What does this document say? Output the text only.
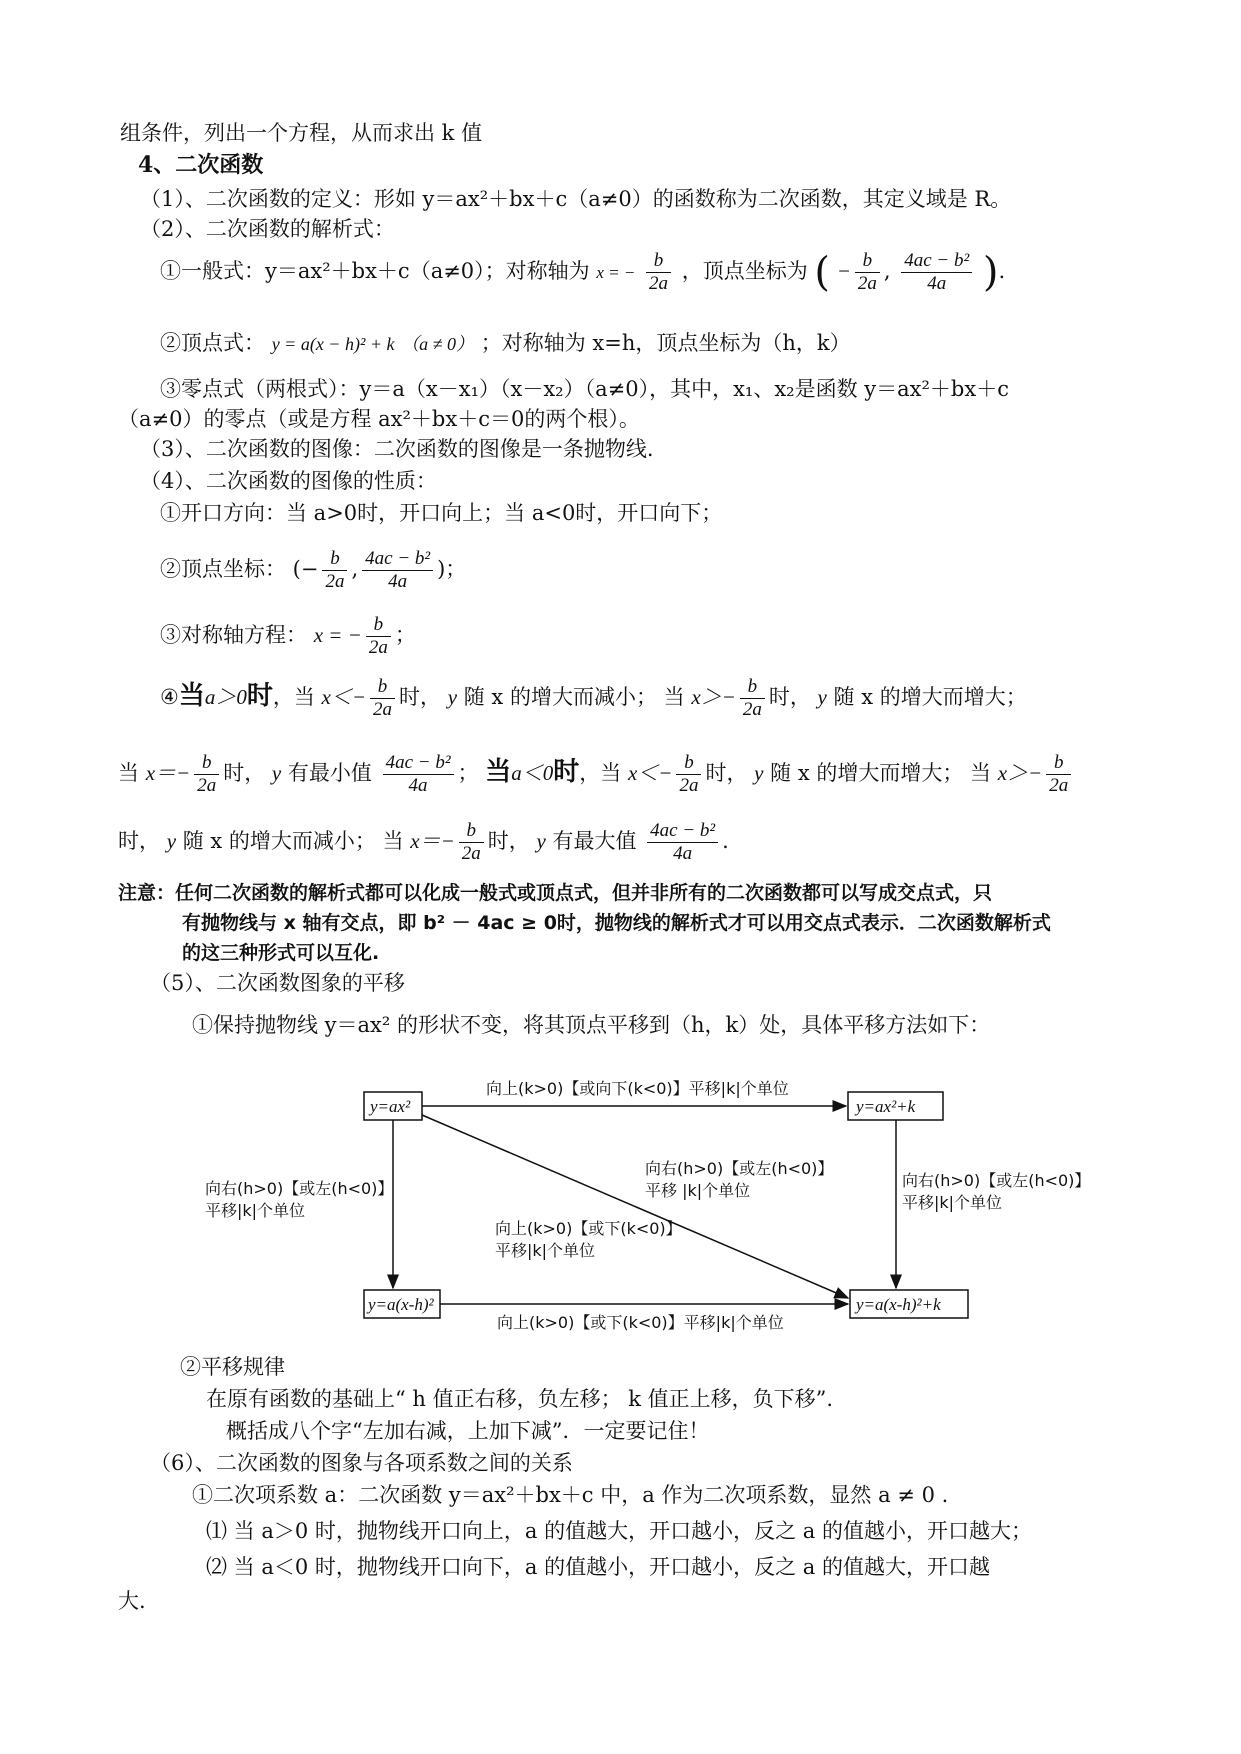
组条件，列出一个方程，从而求出 k 值
4、二次函数
（1）、二次函数的定义：形如 y＝ax²＋bx＋c（a≠0）的函数称为二次函数，其定义域是 R。
（2）、二次函数的解析式：
①一般式：y＝ax²＋bx＋c（a≠0）；对称轴为 x = − $\frac{b}{2a}$ ，顶点坐标为 ( − $\frac{b}{2a}$ , $\frac{\text{4ac − b²}}{4a}$ ).
②顶点式： y = a(x − h)² + k （a ≠ 0） ；对称轴为 x=h，顶点坐标为（h，k）
③零点式（两根式）：y＝a（x－x₁）（x－x₂）（a≠0），其中，x₁、x₂是函数 y＝ax²＋bx＋c
（a≠0）的零点（或是方程 ax²＋bx＋c＝0的两个根）。
（3）、二次函数的图像：二次函数的图像是一条抛物线.
（4）、二次函数的图像的性质：
①开口方向：当 a>0时，开口向上；当 a<0时，开口向下；
②顶点坐标： (− $\frac{b}{2a}$ , $\frac{\text{4ac − b²}}{4a}$ )；
③对称轴方程： x = − $\frac{b}{2a}$ ；
④当a＞0时，当 $x<- \frac{b}{2a}$ 时， y 随 x 的增大而减小； 当 $x>- \frac{b}{2a}$ 时， y 随 x 的增大而增大；
当 $x=- \frac{b}{2a}$ 时， y 有最小值 $\frac{\text{4ac − b²}}{4a}$ ； 当a＜0时，当 $x<- \frac{b}{2a}$ 时， y 随 x 的增大而增大； 当 $x>- \frac{b}{2a}$
时， y 随 x 的增大而减小； 当 $x=- \frac{b}{2a}$ 时， y 有最大值 $\frac{\text{4ac − b²}}{4a}$ .
注意：任何二次函数的解析式都可以化成一般式或顶点式，但并非所有的二次函数都可以写成交点式，只
有抛物线与 x 轴有交点，即 b² － 4ac ≥ 0时，抛物线的解析式才可以用交点式表示．二次函数解析式
的这三种形式可以互化.
（5）、二次函数图象的平移
①保持抛物线 y＝ax² 的形状不变，将其顶点平移到（h，k）处，具体平移方法如下：
y=ax²	y=ax²+k
y=a(x-h)²	y=a(x-h)²+k
向上(k>0)【或向下(k<0)】平移|k|个单位
向右(h>0)【或左(h<0)】
平移|k|个单位
向右(h>0)【或左(h<0)】
平移 |k|个单位
向上(k>0)【或下(k<0)】
平移|k|个单位
向右(h>0)【或左(h<0)】
平移|k|个单位
向上(k>0)【或下(k<0)】平移|k|个单位
②平移规律
在原有函数的基础上“ h 值正右移，负左移； k 值正上移，负下移”.
概括成八个字“左加右减，上加下减”．一定要记住！
（6）、二次函数的图象与各项系数之间的关系
①二次项系数 a：二次函数 y＝ax²＋bx＋c 中，a 作为二次项系数，显然 a ≠ 0 .
⑴ 当 a＞0 时，抛物线开口向上，a 的值越大，开口越小，反之 a 的值越小，开口越大；
⑵ 当 a＜0 时，抛物线开口向下，a 的值越小，开口越小，反之 a 的值越大，开口越
大.
